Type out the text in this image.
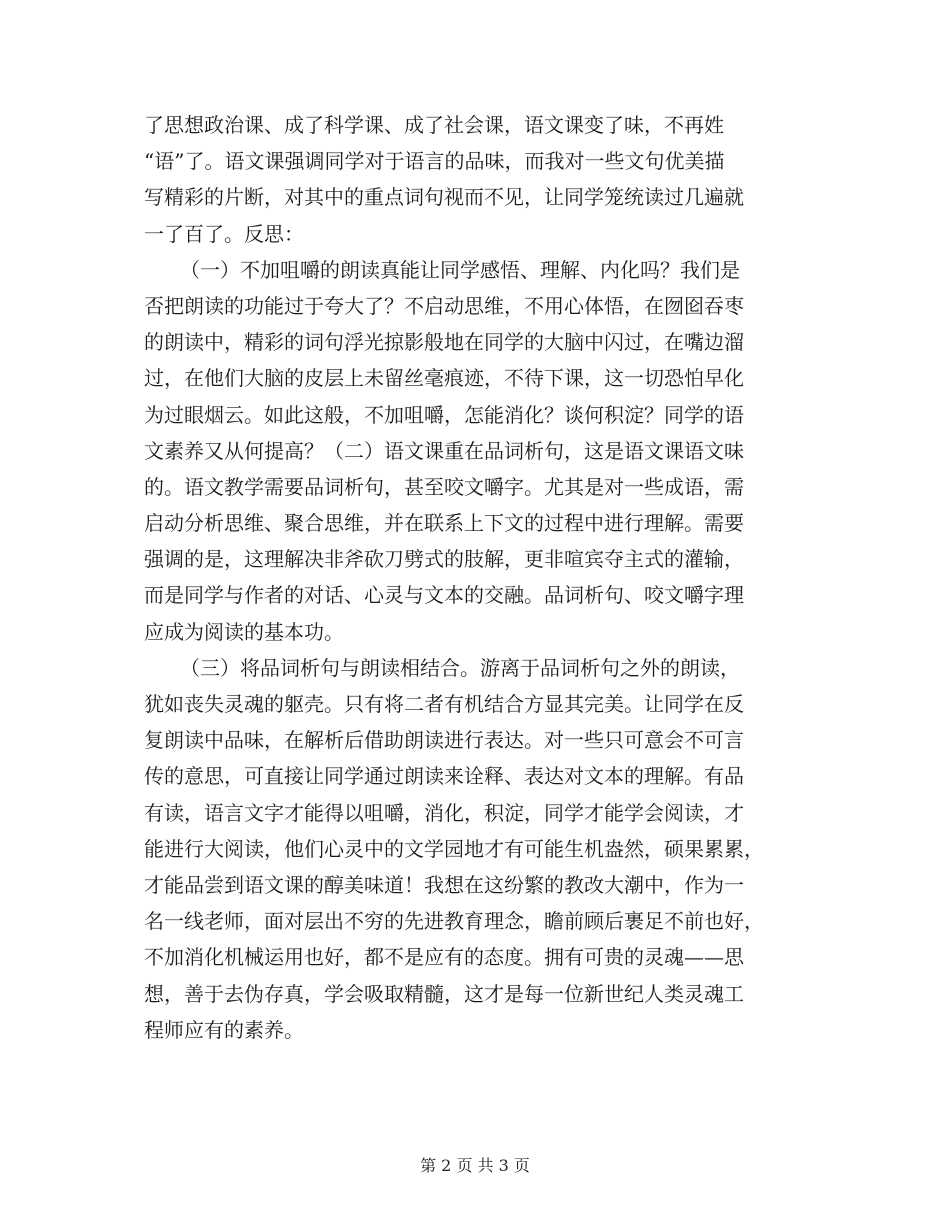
了思想政治课、成了科学课、成了社会课，语文课变了味，不再姓
“语”了。语文课强调同学对于语言的品味，而我对一些文句优美描
写精彩的片断，对其中的重点词句视而不见，让同学笼统读过几遍就
一了百了。反思：
（一）不加咀嚼的朗读真能让同学感悟、理解、内化吗？我们是
否把朗读的功能过于夸大了？不启动思维，不用心体悟，在囫囵吞枣
的朗读中，精彩的词句浮光掠影般地在同学的大脑中闪过，在嘴边溜
过，在他们大脑的皮层上未留丝毫痕迹，不待下课，这一切恐怕早化
为过眼烟云。如此这般，不加咀嚼，怎能消化？谈何积淀？同学的语
文素养又从何提高？（二）语文课重在品词析句，这是语文课语文味
的。语文教学需要品词析句，甚至咬文嚼字。尤其是对一些成语，需
启动分析思维、聚合思维，并在联系上下文的过程中进行理解。需要
强调的是，这理解决非斧砍刀劈式的肢解，更非喧宾夺主式的灌输，
而是同学与作者的对话、心灵与文本的交融。品词析句、咬文嚼字理
应成为阅读的基本功。
（三）将品词析句与朗读相结合。游离于品词析句之外的朗读，
犹如丧失灵魂的躯壳。只有将二者有机结合方显其完美。让同学在反
复朗读中品味，在解析后借助朗读进行表达。对一些只可意会不可言
传的意思，可直接让同学通过朗读来诠释、表达对文本的理解。有品
有读，语言文字才能得以咀嚼，消化，积淀，同学才能学会阅读，才
能进行大阅读，他们心灵中的文学园地才有可能生机盎然，硕果累累，
才能品尝到语文课的醇美味道！我想在这纷繁的教改大潮中，作为一
名一线老师，面对层出不穷的先进教育理念，瞻前顾后裹足不前也好，
不加消化机械运用也好，都不是应有的态度。拥有可贵的灵魂——思
想，善于去伪存真，学会吸取精髓，这才是每一位新世纪人类灵魂工
程师应有的素养。
第 2 页 共 3 页
